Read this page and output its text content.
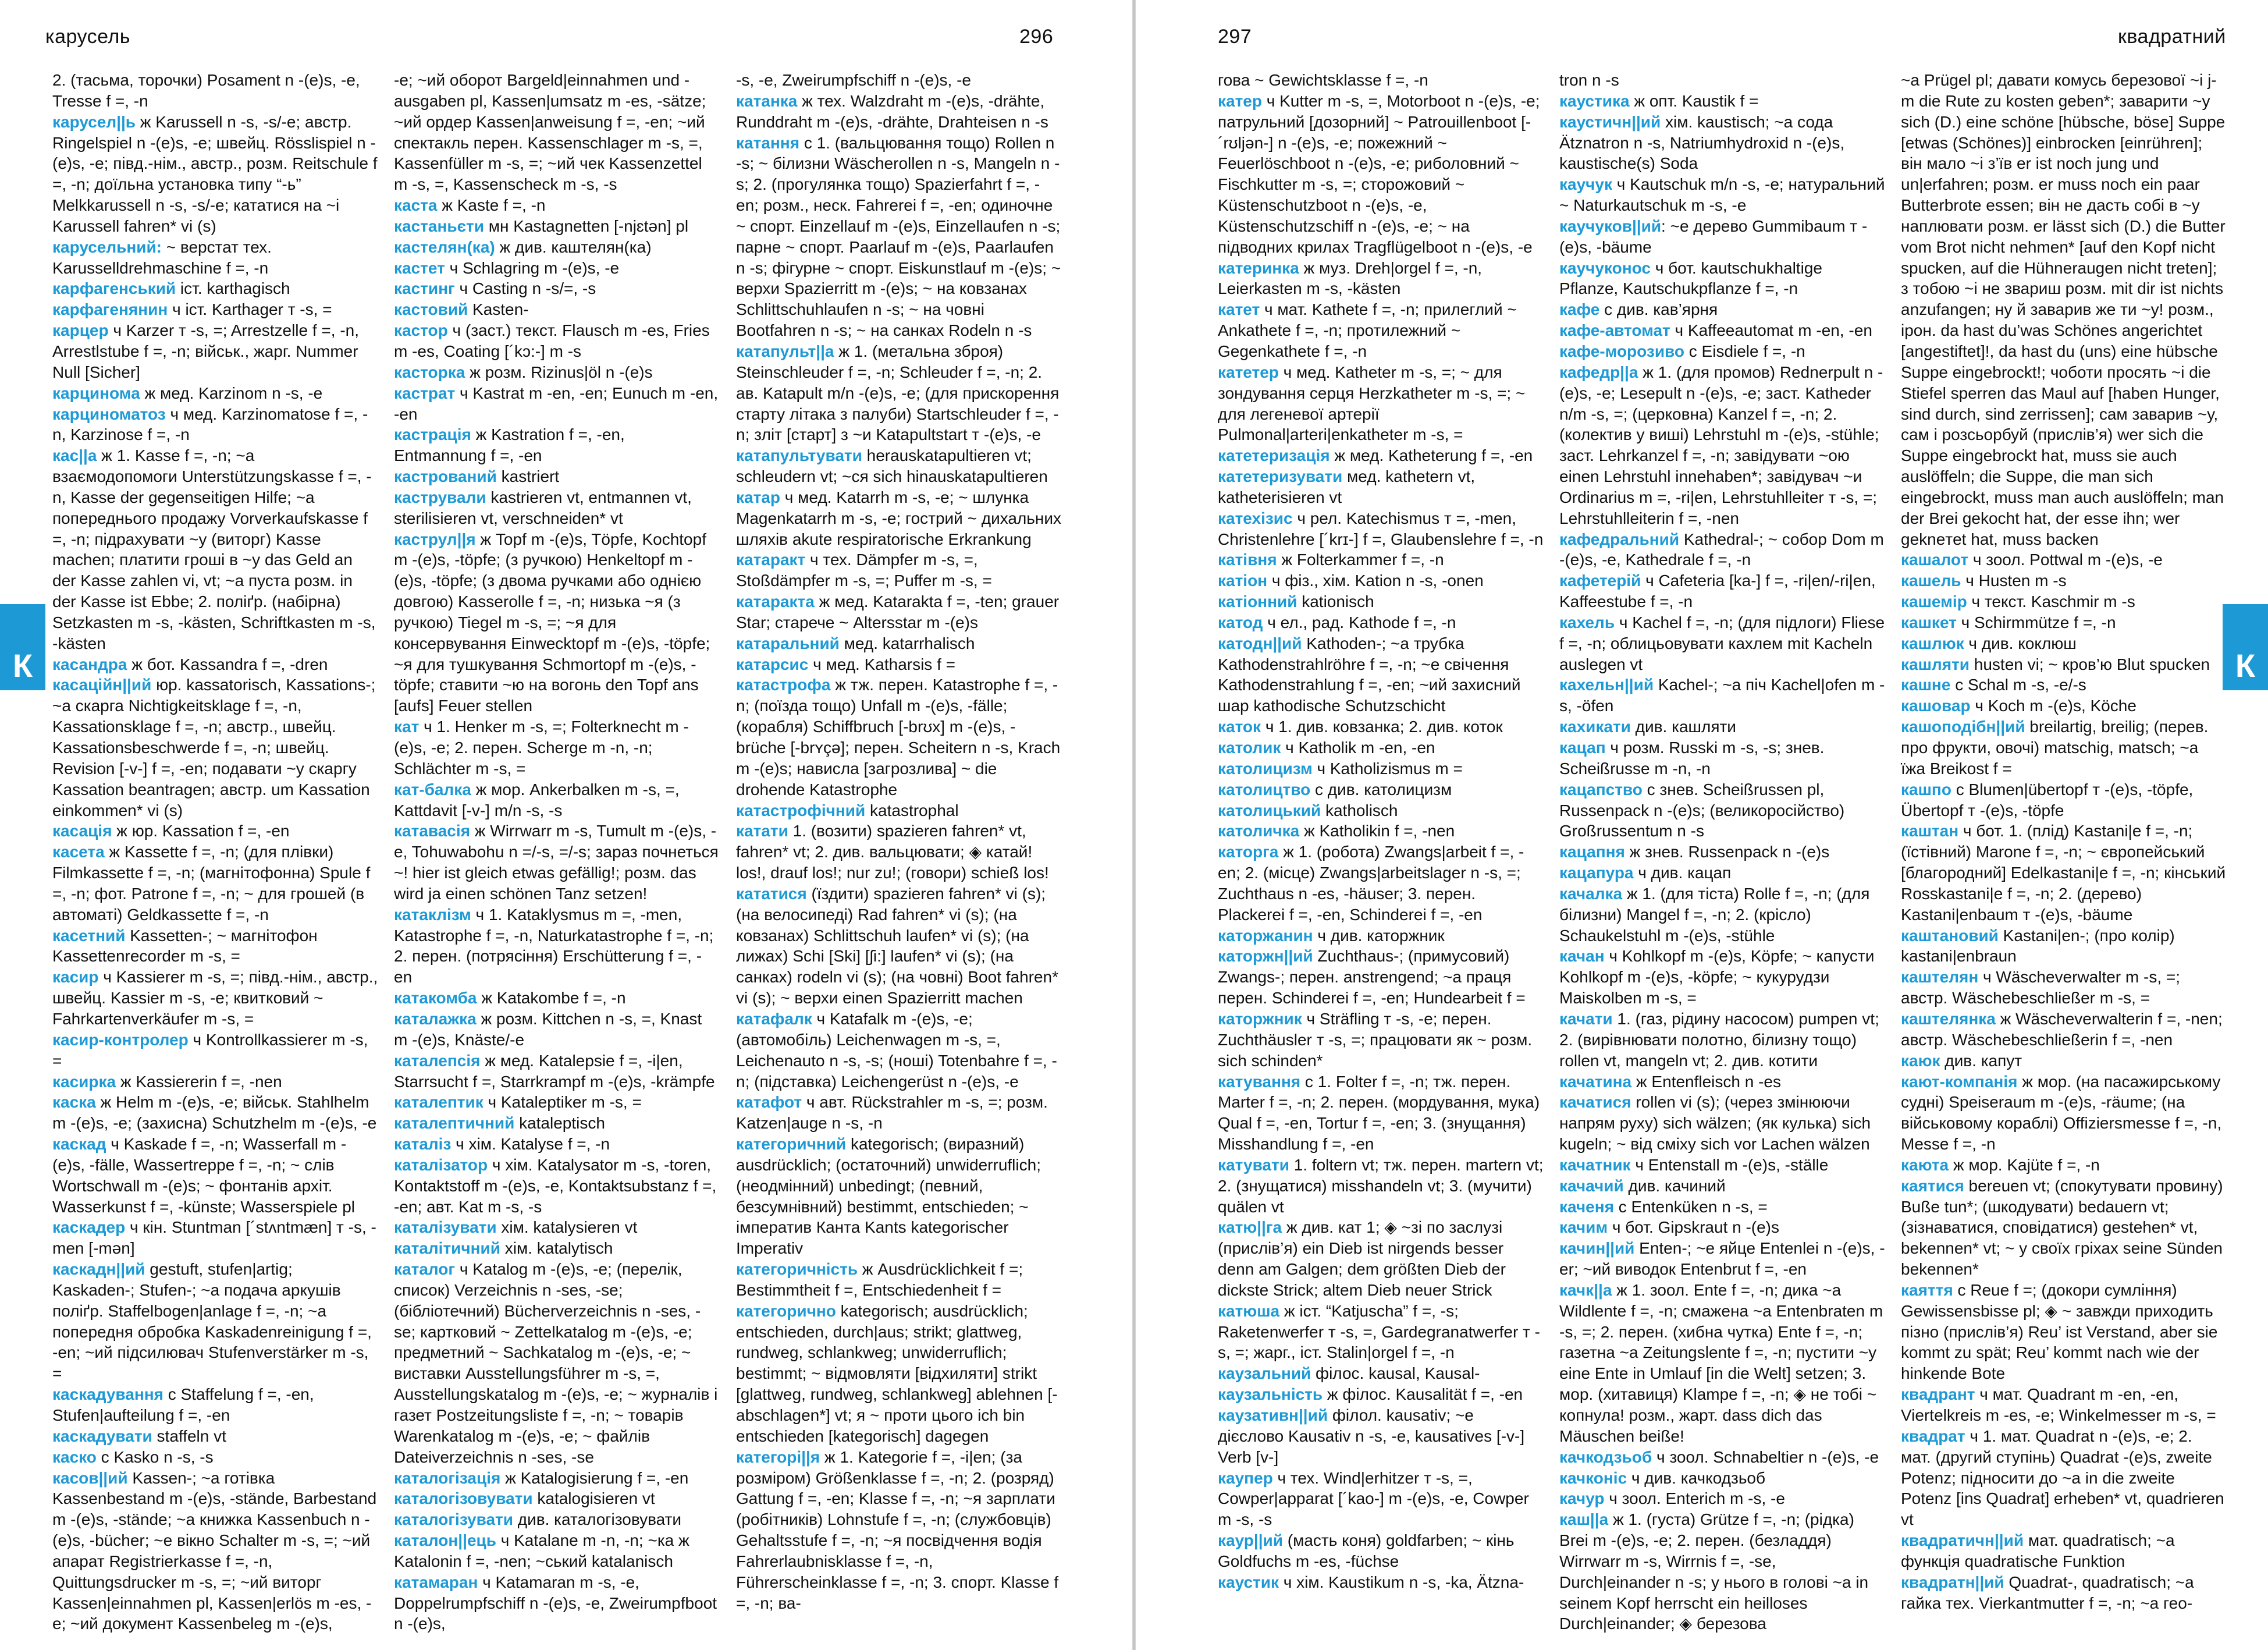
карусель	296
К

2. (тасьма, торочки) Posament n -(e)s, -e, Tresse f =, -n

карусел||ь ж Karussell n -s, -s/-e; австр. Ringelspiel n -(e)s, -e; швейц. Rösslispiel n -(e)s, -e; півд.-нім., австр., розм. Reitschule f =, -n; доїльна установка типу “-ь” Melkkarussell n -s, -s/-e; кататися на ~і Karussell fahren* vi (s)

карусельний: ~ верстат тех. Karusselldrehmaschine f =, -n

карфагенський іст. karthagisch

карфагенянин ч іст. Karthager т -s, =

карцер ч Karzer т -s, =; Arrestzelle f =, -n, Arrestlstube f =, -n; військ., жарг. Nummer Null [Sicher]

карцинома ж мед. Karzinom n -s, -e

карциноматоз ч мед. Karzinomatose f =, -n, Karzinose f =, -n

кас||а ж 1. Kasse f =, -n; ~а взаємодопомоги Unterstützungskasse f =, -n, Kasse der gegenseitigen Hilfe; ~а попереднього продажу Vorverkaufskasse f =, -n; підрахувати ~у (виторг) Kasse machen; платити гроші в ~у das Geld an der Kasse zahlen vi, vt; ~а пуста розм. in der Kasse ist Ebbe; 2. поліґр. (набірна) Setzkasten m -s, -kästen, Schriftkasten m -s, -kästen

касандра ж бот. Kassandra f =, -dren

касаційн||ий юр. kassatorisch, Kassations-; ~а скарга Nichtigkeitsklage f =, -n, Kassationsklage f =, -n; австр., швейц. Kassationsbeschwerde f =, -n; швейц. Revision [-v-] f =, -en; подавати ~у скаргу Kassation beantragen; австр. um Kassation einkommen* vi (s)

касація ж юр. Kassation f =, -en

касета ж Kassette f =, -n; (для плівки) Filmkassette f =, -n; (магнітофонна) Spule f =, -n; фот. Patrone f =, -n; ~ для грошей (в автоматі) Geldkassette f =, -n

касетний Kassetten-; ~ магнітофон Kassettenrecorder m -s, =

касир ч Kassierer m -s, =; півд.-нім., австр., швейц. Kassier m -s, -e; квитковий ~ Fahrkartenverkäufer m -s, =

касир-контролер ч Kontrollkassierer m -s, =

касирка ж Kassiererin f =, -nen

каска ж Helm m -(e)s, -e; військ. Stahlhelm m -(e)s, -e; (захисна) Schutzhelm m -(e)s, -e

каскад ч Kaskade f =, -n; Wasserfall m -(e)s, -fälle, Wassertreppe f =, -n; ~ слів Wortschwall m -(e)s; ~ фонтанів архіт. Wasserkunst f =, -künste; Wasserspiele pl

каскадер ч кін. Stuntman [´stʌntmæn] т -s, -men [-mən]

каскадн||ий gestuft, stufen|artig; Kaskaden-; Stufen-; ~а подача аркушів поліґр. Staffelbogen|anlage f =, -n; ~а попередня обробка Kaskadenreinigung f =, -en; ~ий підсилювач Stufenverstärker m -s, =

каскадування с Staffelung f =, -en, Stufen|aufteilung f =, -en

каскадувати staffeln vt

каско с Kasko n -s, -s

касов||ий Kassen-; ~а готівка Kassenbestand m -(e)s, -stände, Barbestand m -(e)s, -stände; ~а книжка Kassenbuch n -(e)s, -bücher; ~е вікно Schalter m -s, =; ~ий апарат Registrierkasse f =, -n, Quittungsdrucker m -s, =; ~ий виторг Kassen|einnahmen pl, Kassen|erlös m -es, -e; ~ий документ Kassenbeleg m -(e)s,

-e; ~ий оборот Bargeld|einnahmen und -ausgaben pl, Kassen|umsatz m -es, -sätze; ~ий ордер Kassen|anweisung f =, -en; ~ий спектакль перен. Kassenschlager m -s, =, Kassenfüller m -s, =; ~ий чек Kassenzettel m -s, =, Kassenscheck m -s, -s

каста ж Kaste f =, -n

кастаньєти мн Kastagnetten [-njɛtən] pl

кастелян(ка) ж див. каштелян(ка)

кастет ч Schlagring m -(e)s, -e

кастинг ч Casting n -s/=, -s

кастовий Kasten-

кастор ч (заст.) текст. Flausch m -es, Fries m -es, Coating [´kɔ:-] m -s

касторка ж розм. Rizinus|öl n -(e)s

кастрат ч Kastrat m -en, -en; Eunuch m -en, -en

кастрація ж Kastration f =, -en, Entmannung f =, -en

кастрований kastriert

кастрували kastrieren vt, entmannen vt, sterilisieren vt, verschneiden* vt

каструл||я ж Topf m -(e)s, Töpfe, Kochtopf m -(e)s, -töpfe; (з ручкою) Henkeltopf m -(e)s, -töpfe; (з двома ручками або однією довгою) Kasserolle f =, -n; низька ~я (з ручкою) Tiegel m -s, =; ~я для консервування Einwecktopf m -(e)s, -töpfe; ~я для тушкування Schmortopf m -(e)s, -töpfe; ставити ~ю на вогонь den Topf ans [aufs] Feuer stellen

кат ч 1. Henker m -s, =; Folterknecht m -(e)s, -e; 2. перен. Scherge m -n, -n; Schlächter m -s, =

кат-балка ж мор. Ankerbalken m -s, =, Kattdavit [-v-] m/n -s, -s

катавасія ж Wirrwarr m -s, Tumult m -(e)s, -e, Tohuwabohu n =/-s, =/-s; зараз почнеться ~! hier ist gleich etwas gefällig!; розм. das wird ja einen schönen Tanz setzen!

катаклізм ч 1. Kataklysmus m =, -men, Katastrophe f =, -n, Naturkatastrophe f =, -n; 2. перен. (потрясіння) Erschütterung f =, -en

катакомба ж Katakombe f =, -n

каталажка ж розм. Kittchen n -s, =, Knast m -(e)s, Knäste/-e

каталепсія ж мед. Katalepsie f =, -i|en, Starrsucht f =, Starrkrampf m -(e)s, -krämpfe

каталептик ч Kataleptiker m -s, =

каталептичний kataleptisch

каталіз ч хім. Katalyse f =, -n

каталізатор ч хім. Katalysator m -s, -toren, Kontaktstoff m -(e)s, -e, Kontaktsubstanz f =, -en; авт. Kat m -s, -s

каталізувати хім. katalysieren vt

каталітичний хім. katalytisch

каталог ч Katalog m -(e)s, -e; (перелік, список) Verzeichnis n -ses, -se; (бібліотечний) Bücherverzeichnis n -ses, -se; картковий ~ Zettelkatalog m -(e)s, -e; предметний ~ Sachkatalog m -(e)s, -e; ~ виставки Ausstellungsführer m -s, =, Ausstellungskatalog m -(e)s, -e; ~ журналів і газет Postzeitungsliste f =, -n; ~ товарів Warenkatalog m -(e)s, -e; ~ файлів Dateiverzeichnis n -ses, -se

каталогізація ж Katalogisierung f =, -en

каталогізовувати katalogisieren vt

каталогізувати див. каталогізовувати

каталон||ець ч Katalane m -n, -n; ~ка ж Katalonin f =, -nen; ~ський katalanisch

катамаран ч Katamaran m -s, -e, Doppelrumpfschiff n -(e)s, -e, Zweirumpfboot n -(e)s,

-s, -e, Zweirumpfschiff n -(e)s, -e

катанка ж тех. Walzdraht m -(e)s, -drähte, Runddraht m -(e)s, -drähte, Drahteisen n -s

катання с 1. (вальцювання тощо) Rollen n -s; ~ білизни Wäscherollen n -s, Mangeln n -s; 2. (прогулянка тощо) Spazierfahrt f =, -en; розм., неск. Fahrerei f =, -en; одиночне ~ спорт. Einzellauf m -(e)s, Einzellaufen n -s; парне ~ спорт. Paarlauf m -(e)s, Paarlaufen n -s; фігурне ~ спорт. Eiskunstlauf m -(e)s; ~ верхи Spazierritt m -(e)s; ~ на ковзанах Schlittschuhlaufen n -s; ~ на човні Bootfahren n -s; ~ на санках Rodeln n -s

катапульт||а ж 1. (метальна зброя) Steinschleuder f =, -n; Schleuder f =, -n; 2. ав. Katapult m/n -(e)s, -e; (для прискорення старту літака з палуби) Startschleuder f =, -n; зліт [старт] з ~и Katapultstart т -(e)s, -e

катапультувати herauskatapultieren vt; schleudern vt; ~ся sich hinauskatapultieren

катар ч мед. Katarrh m -s, -e; ~ шлунка Magenkatarrh m -s, -e; гострий ~ дихальних шляхів akute respiratorische Erkrankung

катаракт ч тех. Dämpfer m -s, =, Stoßdämpfer m -s, =; Puffer m -s, =

катаракта ж мед. Katarakta f =, -ten; grauer Star; старече ~ Altersstar m -(e)s

катаральний мед. katarrhalisch

катарсис ч мед. Katharsis f =

катастрофа ж тж. перен. Katastrophe f =, -n; (поїзда тощо) Unfall m -(e)s, -fälle; (корабля) Schiffbruch [-brʊx] m -(e)s, -brüche [-brʏçə]; перен. Scheitern n -s, Krach m -(e)s; нависла [загрозлива] ~ die drohende Katastrophe

катастрофічний katastrophal

катати 1. (возити) spazieren fahren* vt, fahren* vt; 2. див. вальцювати; ◈ катай! los!, drauf los!; nur zu!; (говори) schieß los!

кататися (їздити) spazieren fahren* vi (s); (на велосипеді) Rad fahren* vi (s); (на ковзанах) Schlittschuh laufen* vi (s); (на лижах) Schi [Ski] [ʃi:] laufen* vi (s); (на санках) rodeln vi (s); (на човні) Boot fahren* vi (s); ~ верхи einen Spazierritt machen

катафалк ч Katafalk m -(e)s, -e; (автомобіль) Leichenwagen m -s, =, Leichenauto n -s, -s; (ноші) Totenbahre f =, -n; (підставка) Leichengerüst n -(e)s, -e

катафот ч авт. Rückstrahler m -s, =; розм. Katzen|auge n -s, -n

категоричний kategorisch; (виразний) ausdrücklich; (остаточний) unwiderruflich; (неодмінний) unbedingt; (певний, безсумнівний) bestimmt, entschieden; ~ імператив Канта Kants kategorischer Imperativ

категоричність ж Ausdrücklichkeit f =; Bestimmtheit f =, Entschiedenheit f =

категорично kategorisch; ausdrücklich; entschieden, durch|aus; strikt; glattweg, rundweg, schlankweg; unwiderruflich; bestimmt; ~ відмовляти [відхиляти] strikt [glattweg, rundweg, schlankweg] ablehnen [-abschlagen*] vt; я ~ проти цього ich bin entschieden [kategorisch] dagegen

категорі||я ж 1. Kategorie f =, -i|en; (за розміром) Größenklasse f =, -n; 2. (розряд) Gattung f =, -en; Klasse f =, -n; ~я зарплати (робітників) Lohnstufe f =, -n; (службовців) Gehaltsstufe f =, -n; ~я посвідчення водія Fahrerlaubnisklasse f =, -n, Führerscheinklasse f =, -n; 3. спорт. Klasse f =, -n; ва-

297	квадратний
К

гова ~ Gewichtsklasse f =, -n

катер ч Kutter m -s, =, Motorboot n -(e)s, -e; патрульний [дозорний] ~ Patrouillenboot [-´rʊljən-] n -(e)s, -e; пожежний ~ Feuerlöschboot n -(e)s, -e; риболовний ~ Fischkutter m -s, =; сторожовий ~ Küstenschutzboot n -(e)s, -e, Küstenschutzschiff n -(e)s, -e; ~ на підводних крилах Tragflügelboot n -(e)s, -e

катеринка ж муз. Dreh|orgel f =, -n, Leierkasten m -s, -kästen

катет ч мат. Kathete f =, -n; прилеглий ~ Ankathete f =, -n; протилежний ~ Gegenkathete f =, -n

катетер ч мед. Katheter m -s, =; ~ для зондування серця Herzkatheter m -s, =; ~ для легеневої артерії Pulmonal|arteri|enkatheter m -s, =

катетеризація ж мед. Katheterung f =, -en

катетеризувати мед. kathetern vt, katheterisieren vt

катехізис ч рел. Katechismus т =, -men, Christenlehre [´krɪ-] f =, Glaubenslehre f =, -n

катівня ж Folterkammer f =, -n

катіон ч фіз., хім. Kation n -s, -onen

катіонний kationisch

катод ч ел., рад. Kathode f =, -n

катодн||ий Kathoden-; ~а трубка Kathodenstrahlröhre f =, -n; ~е свічення Kathodenstrahlung f =, -en; ~ий захисний шар kathodische Schutzschicht

каток ч 1. див. ковзанка; 2. див. коток

католик ч Katholik m -en, -en

католицизм ч Katholizismus m =

католицтво с див. католицизм

католицький katholisch

католичка ж Katholikin f =, -nen

каторга ж 1. (робота) Zwangs|arbeit f =, -en; 2. (місце) Zwangs|arbeitslager n -s, =; Zuchthaus n -es, -häuser; 3. перен. Plackerei f =, -en, Schinderei f =, -en

каторжанин ч див. каторжник

каторжн||ий Zuchthaus-; (примусовий) Zwangs-; перен. anstrengend; ~а праця перен. Schinderei f =, -en; Hundearbeit f =

каторжник ч Sträfling т -s, -e; перен. Zuchthäusler т -s, =; працювати як ~ розм. sich schinden*

катування с 1. Folter f =, -n; тж. перен. Marter f =, -n; 2. перен. (мордування, мука) Qual f =, -en, Tortur f =, -en; 3. (знущання) Misshandlung f =, -en

катувати 1. foltern vt; тж. перен. martern vt; 2. (знущатися) misshandeln vt; 3. (мучити) quälen vt

катю||га ж див. кат 1; ◈ ~зі по заслузі (прислів’я) ein Dieb ist nirgends besser denn am Galgen; dem größten Dieb der dickste Strick; altem Dieb neuer Strick

катюша ж іст. “Katjuscha” f =, -s; Raketenwerfer т -s, =, Gardegranatwerfer т -s, =; жарг., іст. Stalin|orgel f =, -n

каузальний філос. kausal, Kausal-

каузальність ж філос. Kausalität f =, -en

каузативн||ий філол. kausativ; ~е дієслово Kausativ n -s, -e, kausatives [-v-] Verb [v-]

каупер ч тех. Wind|erhitzer т -s, =, Cowper|apparat [´kao-] m -(e)s, -e, Cowper m -s, -s

каур||ий (масть коня) goldfarben; ~ кінь Goldfuchs m -es, -füchse

каустик ч хім. Kaustikum n -s, -ka, Ätzna-

tron n -s

каустика ж опт. Kaustik f =

каустичн||ий хім. kaustisch; ~а сода Ätznatron n -s, Natriumhydroxid n -(e)s, kaustische(s) Soda

каучук ч Kautschuk m/n -s, -e; натуральний ~ Naturkautschuk m -s, -e

каучуков||ий: ~е дерево Gummibaum т -(e)s, -bäume

каучуконос ч бот. kautschukhaltige Pflanze, Kautschukpflanze f =, -n

кафе с див. кав’ярня

кафе-автомат ч Kaffeeautomat m -en, -en

кафе-морозиво с Eisdiele f =, -n

кафедр||а ж 1. (для промов) Rednerpult n -(e)s, -e; Lesepult n -(e)s, -e; заст. Katheder n/m -s, =; (церковна) Kanzel f =, -n; 2. (колектив у виші) Lehrstuhl m -(e)s, -stühle; заст. Lehrkanzel f =, -n; завідувати ~ою einen Lehrstuhl innehaben*; завідувач ~и Ordinarius m =, -ri|en, Lehrstuhlleiter т -s, =; Lehrstuhlleiterin f =, -nen

кафедральний Kathedral-; ~ собор Dom m -(e)s, -e, Kathedrale f =, -n

кафетерій ч Cafeteria [ka-] f =, -ri|en/-ri|en, Kaffeestube f =, -n

кахель ч Kachel f =, -n; (для підлоги) Fliese f =, -n; облицьовувати кахлем mit Kacheln auslegen vt

кахельн||ий Kachel-; ~а піч Kachel|ofen m -s, -öfen

кахикати див. кашляти

кацап ч розм. Russki m -s, -s; знев. Scheißrusse m -n, -n

кацапство с знев. Scheißrussen pl, Russenpack n -(e)s; (великоросійство) Großrussentum n -s

кацапня ж знев. Russenpack n -(e)s

кацапура ч див. кацап

качалка ж 1. (для тіста) Rolle f =, -n; (для білизни) Mangel f =, -n; 2. (крісло) Schaukelstuhl m -(e)s, -stühle

качан ч Kohlkopf m -(e)s, Köpfe; ~ капусти Kohlkopf m -(e)s, -köpfe; ~ кукурудзи Maiskolben m -s, =

качати 1. (газ, рідину насосом) pumpen vt; 2. (вирівнювати полотно, білизну тощо) rollen vt, mangeln vt; 2. див. котити

качатина ж Entenfleisch n -es

качатися rollen vi (s); (через змінюючи напрям руху) sich wälzen; (як кулька) sich kugeln; ~ від сміху sich vor Lachen wälzen

качатник ч Entenstall m -(e)s, -ställe

качачий див. качиний

каченя с Entenküken n -s, =

качим ч бот. Gipskraut n -(e)s

качин||ий Enten-; ~е яйце Entenlei n -(e)s, -er; ~ий виводок Entenbrut f =, -en

качк||а ж 1. зоол. Ente f =, -n; дика ~а Wildlente f =, -n; смажена ~а Entenbraten m -s, =; 2. перен. (хибна чутка) Ente f =, -n; газетна ~а Zeitungslente f =, -n; пустити ~у eine Ente in Umlauf [in die Welt] setzen; 3. мор. (хитавиця) Klampe f =, -n; ◈ не тобі ~ копнула! розм., жарт. dass dich das Mäuschen beiße!

качкодзьоб ч зоол. Schnabeltier n -(e)s, -e

качконіс ч див. качкодзьоб

качур ч зоол. Enterich m -s, -e

каш||а ж 1. (густа) Grütze f =, -n; (рідка) Brei m -(e)s, -e; 2. перен. (безладдя) Wirrwarr m -s, Wirrnis f =, -se, Durch|einander n -s; у нього в голові ~а in seinem Kopf herrscht ein heilloses Durch|einander; ◈ березова

~а Prügel pl; давати комусь березової ~і j-m die Rute zu kosten geben*; заварити ~у sich (D.) eine schöne [hübsche, böse] Suppe [etwas (Schönes)] einbrocken [einrühren]; він мало ~і з’їв er ist noch jung und un|erfahren; розм. er muss noch ein paar Butterbrote essen; він не дасть собі в ~у наплювати розм. er lässt sich (D.) die Butter vom Brot nicht nehmen* [auf den Kopf nicht spucken, auf die Hühneraugen nicht treten]; з тобою ~і не звариш розм. mit dir ist nichts anzufangen; ну й заварив же ти ~у! розм., ірон. da hast du’was Schönes angerichtet [angestiftet]!, da hast du (uns) eine hübsche Suppe eingebrockt!; чоботи просять ~і die Stiefel sperren das Maul auf [haben Hunger, sind durch, sind zerrissen]; сам заварив ~у, сам і розсьорбуй (прислів’я) wer sich die Suppe eingebrockt hat, muss sie auch auslöffeln; die Suppe, die man sich eingebrockt, muss man auch auslöffeln; man der Brei gekocht hat, der esse ihn; wer gekneтet hat, muss backen

кашалот ч зоол. Pottwal m -(e)s, -e

кашель ч Husten m -s

кашемір ч текст. Kaschmir m -s

кашкет ч Schirmmütze f =, -n

кашлюк ч див. коклюш

кашляти husten vi; ~ кров’ю Blut spucken

кашне с Schal m -s, -e/-s

кашовар ч Koch m -(e)s, Köche

кашоподібн||ий breilartig, breilig; (перев. про фрукти, овочі) matschig, matsch; ~а їжа Breikost f =

кашпо с Blumen|übertopf т -(e)s, -töpfe, Übertopf т -(e)s, -töpfe

каштан ч бот. 1. (плід) Kastani|e f =, -n; (їстівний) Marone f =, -n; ~ європейський [благородний] Edelkastani|e f =, -n; кінський Rosskastani|e f =, -n; 2. (дерево) Kastani|enbaum т -(e)s, -bäume

каштановий Kastani|en-; (про колір) kastani|enbraun

каштелян ч Wäscheverwalter m -s, =; австр. Wäschebeschließer m -s, =

каштелянка ж Wäscheverwalterin f =, -nen; австр. Wäschebeschließerin f =, -nen

каюк див. капут

кают-компанія ж мор. (на пасажирському судні) Speiseraum m -(e)s, -räume; (на військовому кораблі) Offiziersmesse f =, -n, Messe f =, -n

каюта ж мор. Kajüte f =, -n

каятися bereuen vt; (спокутувати провину) Buße tun*; (шкодувати) bedauern vt; (зізнаватися, сповідатися) gestehen* vt, bekennen* vt; ~ у своїх гріхах seine Sünden bekennen*

каяття с Reue f =; (докори сумління) Gewissensbisse pl; ◈ ~ завжди приходить пізно (прислів’я) Reu’ ist Verstand, aber sie kommt zu spät; Reu’ kommt nach wie der hinkende Bote

квадрант ч мат. Quadrant m -en, -en, Viertelkreis m -es, -e; Winkelmesser m -s, =

квадрат ч 1. мат. Quadrat n -(e)s, -e; 2. мат. (другий ступінь) Quadrat -(e)s, zweite Potenz; підносити до ~а in die zweite Potenz [ins Quadrat] erheben* vt, quadrieren vt

квадратичн||ий мат. quadratisch; ~а функція quadratische Funktion

квадратн||ий Quadrat-, quadratisch; ~а гайка тех. Vierkantmutter f =, -n; ~а гео-
